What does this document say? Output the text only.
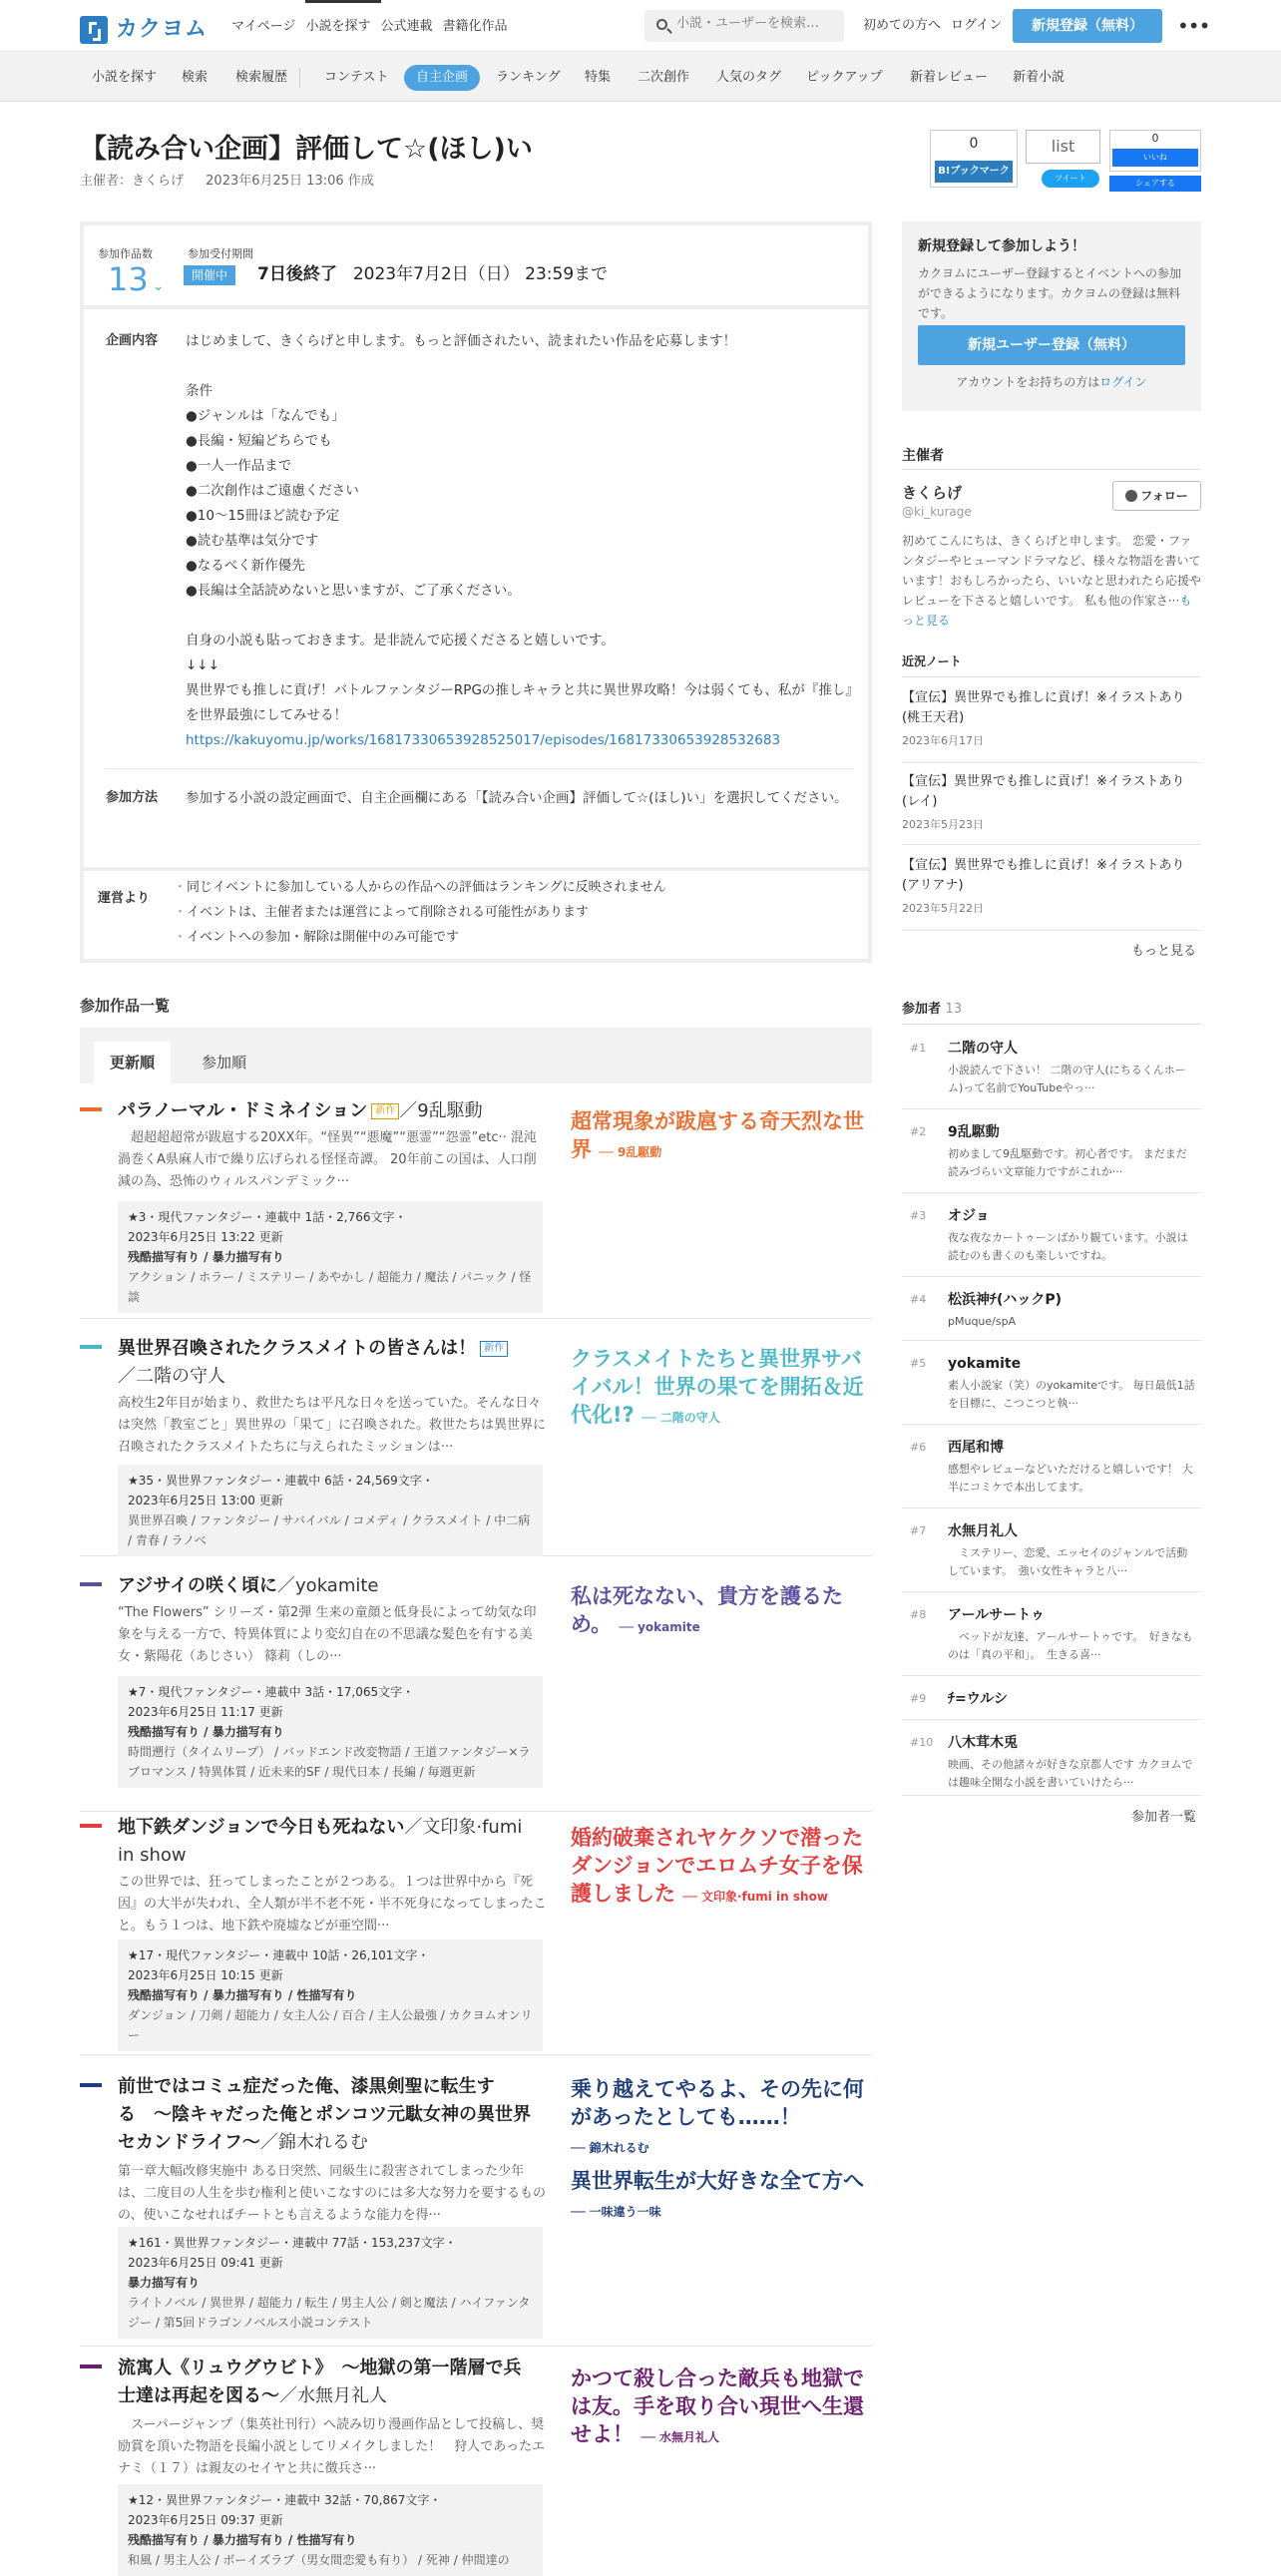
カクヨム マイページ 小説を探す 公式連載 書籍化作品
小説・ユーザーを検索…	初めての方へ ログイン	新規登録（無料）	•••
小説を探す 検索 検索履歴	コンテスト	自主企画	ランキング 特集 二次創作 人気のタグ ピックアップ 新着レビュー 新着小説
【読み合い企画】評価して☆(ほし)い
主催者：きくらげ 2023年6月25日 13:06 作成
0
B!ブックマーク
list
ツイート
0
いいね
シェアする
参加作品数
13 ⌄
参加受付期間
開催中	7日後終了 2023年7月2日（日） 23:59まで
企画内容 はじめまして、きくらげと申します。もっと評価されたい、読まれたい作品を応募します！

条件
●ジャンルは「なんでも」
●長編・短編どちらでも
●一人一作品まで
●二次創作はご遠慮ください
●10〜15冊ほど読む予定
●読む基準は気分です
●なるべく新作優先
●長編は全話読めないと思いますが、ご了承ください。

自身の小説も貼っておきます。是非読んで応援くださると嬉しいです。
↓↓↓
異世界でも推しに貢げ！バトルファンタジーRPGの推しキャラと共に異世界攻略！今は弱くても、私が『推し』を世界最強にしてみせる！
https://kakuyomu.jp/works/16817330653928525017/episodes/16817330653928532683
参加方法 参加する小説の設定画面で、自主企画欄にある「【読み合い企画】評価して☆(ほし)い」を選択してください。
運営より
・ 同じイベントに参加している人からの作品への評価はランキングに反映されません
・ イベントは、主催者または運営によって削除される可能性があります
・ イベントへの参加・解除は開催中のみ可能です
参加作品一覧
更新順	参加順
パラノーマル・ドミネイション 新作 ／9乱駆動
　超超超超常が跋扈する20XX年。“怪異”“悪魔”“悪霊”“怨霊”etc·· 混沌渦巻くA県麻人市で繰り広げられる怪怪奇譚。 20年前この国は、人口削減の為、恐怖のウィルスパンデミック···
★3・現代ファンタジー・連載中 1話・2,766文字・
2023年6月25日 13:22 更新
残酷描写有り / 暴力描写有り
アクション / ホラー / ミステリー / あやかし / 超能力 / 魔法 / パニック / 怪談
超常現象が跋扈する奇天烈な世界 ── 9乱駆動
異世界召喚されたクラスメイトの皆さんは！ 新作
／二階の守人
高校生2年目が始まり、救世たちは平凡な日々を送っていた。そんな日々は突然「教室ごと」異世界の「果て」に召喚された。救世たちは異世界に召喚されたクラスメイトたちに与えられたミッションは···
★35・異世界ファンタジー・連載中 6話・24,569文字・
2023年6月25日 13:00 更新
異世界召喚 / ファンタジー / サバイバル / コメディ / クラスメイト / 中二病 / 青春 / ラノベ
クラスメイトたちと異世界サバイバル！世界の果てを開拓＆近代化!? ── 二階の守人
アジサイの咲く頃に／yokamite
“The Flowers” シリーズ・第2弾 生来の童顔と低身長によって幼気な印象を与える一方で、特異体質により変幻自在の不思議な髪色を有する美女・紫陽花（あじさい） 篠莉（しの···
★7・現代ファンタジー・連載中 3話・17,065文字・
2023年6月25日 11:17 更新
残酷描写有り / 暴力描写有り
時間遡行（タイムリープ） / バッドエンド改変物語 / 王道ファンタジー×ラブロマンス / 特異体質 / 近未来的SF / 現代日本 / 長編 / 毎週更新
私は死なない、貴方を護るため。 ── yokamite
地下鉄ダンジョンで今日も死ねない／文印象·fumi in show
この世界では、狂ってしまったことが２つある。１つは世界中から『死因』の大半が失われ、全人類が半不老不死・半不死身になってしまったこと。もう１つは、地下鉄や廃墟などが亜空間···
★17・現代ファンタジー・連載中 10話・26,101文字・
2023年6月25日 10:15 更新
残酷描写有り / 暴力描写有り / 性描写有り
ダンジョン / 刀剣 / 超能力 / 女主人公 / 百合 / 主人公最強 / カクヨムオンリー
婚約破棄されヤケクソで潜ったダンジョンでエロムチ女子を保護しました ── 文印象·fumi in show
前世ではコミュ症だった俺、漆黒剣聖に転生する　〜陰キャだった俺とポンコツ元駄女神の異世界セカンドライフ〜／錦木れるむ
第一章大幅改修実施中 ある日突然、同級生に殺害されてしまった少年は、二度目の人生を歩む権利と使いこなすのには多大な努力を要するものの、使いこなせればチートとも言えるような能力を得···
★161・異世界ファンタジー・連載中 77話・153,237文字・
2023年6月25日 09:41 更新
暴力描写有り
ライトノベル / 異世界 / 超能力 / 転生 / 男主人公 / 剣と魔法 / ハイファンタジー / 第5回ドラゴンノベルス小説コンテスト
乗り越えてやるよ、その先に何があったとしても……！
── 錦木れるむ
異世界転生が大好きな全て方へ
── 一味違う一味
流寓人《リュウグウビト》　〜地獄の第一階層で兵士達は再起を図る〜／水無月礼人
　スーパージャンプ（集英社刊行）へ読み切り漫画作品として投稿し、奨励賞を頂いた物語を長編小説としてリメイクしました！　狩人であったエナミ（１７）は親友のセイヤと共に徴兵さ···
★12・異世界ファンタジー・連載中 32話・70,867文字・
2023年6月25日 09:37 更新
残酷描写有り / 暴力描写有り / 性描写有り
和風 / 男主人公 / ボーイズラブ（男女間恋愛も有り） / 死神 / 仲間達の
かつて殺し合った敵兵も地獄では友。手を取り合い現世へ生還せよ！ ── 水無月礼人
新規登録して参加しよう！

カクヨムにユーザー登録するとイベントへの参加ができるようになります。カクヨムの登録は無料です。

新規ユーザー登録（無料）
アカウントをお持ちの方はログイン
主催者
きくらげ
@ki_kurage
フォロー
初めてこんにちは、きくらげと申します。 恋愛・ファンタジーやヒューマンドラマなど、様々な物語を書いています！おもしろかったら、いいなと思われたら応援やレビューを下さると嬉しいです。 私も他の作家さ···もっと見る
近況ノート
【宣伝】異世界でも推しに貢げ！※イラストあり(桃王天君)
2023年6月17日
【宣伝】異世界でも推しに貢げ！※イラストあり(レイ)
2023年5月23日
【宣伝】異世界でも推しに貢げ！※イラストあり(アリアナ)
2023年5月22日
もっと見る
参加者 13
#1 二階の守人
小説読んで下さい！ 二階の守人(にちるくんホーム)って名前でYouTubeやっ···
#2 9乱駆動
初めまして9乱駆動です。初心者です。 まだまだ読みづらい文章能力ですがこれか···
#3 オジョ
夜な夜なカートゥーンばかり観ています。小説は読むのも書くのも楽しいですね。
#4 松浜神ﾁ(ハックP)
pMuque/spA
#5 yokamite
素人小説家（笑）のyokamiteです。 毎日最低1話を目標に、こつこつと執···
#6 西尾和博
感想やレビューなどいただけると嬉しいです！ 大半にコミケで本出してます。
#7 水無月礼人
　ミステリー、恋愛、エッセイのジャンルで活動しています。　強い女性キャラと八···
#8 アールサートゥ
　ベッドが友達、アールサートゥです。　好きなものは「真の平和」。　生きる喜···
#9 ﾁ=ウルシ
#10 八木茸木兎
映画、その他諸々が好きな京都人です カクヨムでは趣味全開な小説を書いていけたら···
参加者一覧
